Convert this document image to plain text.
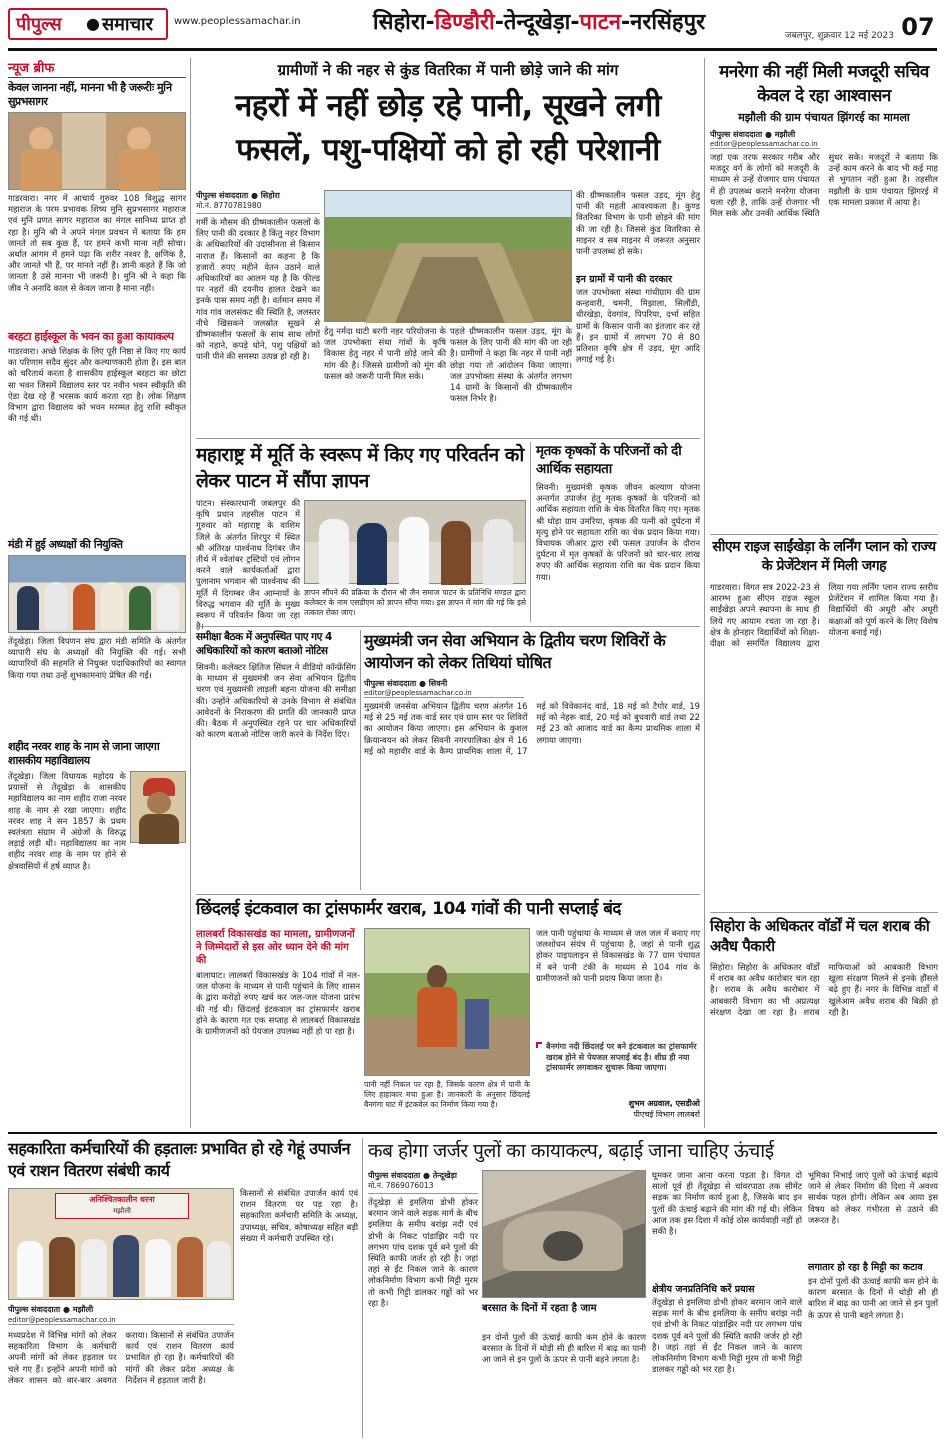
पीपुल्स ● समाचार www.peoplessamachar.in	सिहोरा-डिण्डौरी-तेन्दूखेड़ा-पाटन-नरसिंहपुर
जबलपुर, शुक्रवार 12 मई 2023 07
न्यूज ब्रीफ
केवल जानना नहीं, मानना भी है जरूरीः मुनि सुप्रभसागर
गाडरवारा। नगर में आचार्य गुरुवर 108 विशुद्ध सागर महाराज के परम प्रभावक शिष्य मुनि सुप्रभसागर महाराज एवं मुनि प्रणत सागर महाराज का मंगल सानिध्य प्राप्त हो रहा है। मुनि श्री ने अपने मंगल प्रवचन में बताया कि हम जानते तो सब कुछ हैं, पर हमने कभी माना नहीं सोचा। अर्थात आगम में हमने पढ़ा कि शरीर नश्वर है, क्षणिक है, और जानते भी हैं, पर मानते नहीं हैं। ज्ञानी कहते हैं कि जो जानता है उसे मानना भी जरूरी है। मुनि श्री ने कहा कि जीव ने अनादि काल से केवल जाना है माना नहीं।
बरहटा हाईस्कूल के भवन का हुआ कायाकल्प
गाडरवारा। अच्छे शिक्षक के लिए पूरी निष्ठा से किए गए कार्य का परिणाम सदैव सुंदर और कल्याणकारी होता है। इस बात को चरितार्थ करता है शासकीय हाईस्कूल बरहटा का छोटा सा भवन जिसमें विद्यालय स्तर पर नवीन भवन स्वीकृति की ऐडा देख रहे हैं भरसक कार्य करता रहा है। लोक शिक्षण विभाग द्वारा विद्यालय को भवन मरम्मत हेतु राशि स्वीकृत की गई थी।
मंडी में हुई अध्यक्षों की नियुक्ति
तेंदूखेड़ा। जिला विपणन संघ द्वारा मंडी समिति के अंतर्गत व्यापारी संघ के अध्यक्षों की नियुक्ति की गई। सभी व्यापारियों की सहमति से नियुक्त पदाधिकारियों का स्वागत किया गया तथा उन्हें शुभकामनाएं प्रेषित की गईं।
शहीद नरवर शाह के नाम से जाना जाएगा शासकीय महाविद्यालय
तेंदूखेड़ा। जिला विधायक महोदय के प्रयासों से तेंदूखेड़ा के शासकीय महाविद्यालय का नाम शहीद राजा नरवर शाह के नाम से रखा जाएगा। शहीद नरवर शाह ने सन 1857 के प्रथम स्वतंत्रता संग्राम में अंग्रेजों के विरुद्ध लड़ाई लड़ी थी। महाविद्यालय का नाम शहीद नरवर शाह के नाम पर होने से क्षेत्रवासियों में हर्ष व्याप्त है।
ग्रामीणों ने की नहर से कुंड वितरिका में पानी छोड़े जाने की मांग
नहरों में नहीं छोड़ रहे पानी, सूखने लगी फसलें, पशु-पक्षियों को हो रही परेशानी
पीपुल्स संवाददाता ● सिहोरा
मो.नं. 8770781980
गर्मी के मौसम की ग्रीष्मकालीन फसलों के लिए पानी की दरकार है किंतु नहर विभाग के अधिकारियों की उदासीनता से किसान नाराज हैं। किसानों का कहना है कि हजारों रुपए महीने वेतन उठाने वाले अधिकारियों का आलम यह है कि फील्ड पर नहरों की दयनीय हालत देखने का इनके पास समय नहीं है। वर्तमान समय में गांव गांव जलसंकट की स्थिति है, जलस्तर नीचे खिसकने जलस्रोत सूखने से ग्रीष्मकालीन फसलों के साथ साथ लोगों को नहाने, कपड़े धोने, पशु पक्षियों को पानी पीने की समस्या उत्पन्न हो रही है।
हेतु नर्मदा घाटी बरगी नहर परियोजना के जल उपभोक्ता संथा गांवों के कृषि विकास हेतु नहर में पानी छोड़े जाने की मांग की है। जिससे ग्रामीणों को मूंग की फसल को जरूरी पानी मिल सके।
पहले ग्रीष्मकालीन फसल उड़द, मूंग के फसल के लिए पानी की मांग की जा रही है। ग्रामीणों ने कहा कि नहर में पानी नहीं छोड़ा गया तो आंदोलन किया जाएगा। जल उपभोक्ता संस्था के अंतर्गत लगभग 14 ग्रामों के किसानों की ग्रीष्मकालीन फसल निर्भर है।
की ग्रीष्मकालीन फसल उड़द, मूंग हेतु पानी की महती आवश्यकता है। कुण्ड वितरिका विभाग के पानी छोड़ने की मांग की जा रही है। जिससे कुंड वितरिका से माइनर व सब माइनर में जरूरत अनुसार पानी उपलब्ध हो सके।
इन ग्रामों में पानी की दरकार
जल उपभोक्ता संस्था गांधीग्राम की ग्राम कन्हवारी, चमनी, मिझाला, सिलौंडी, धीरखेड़ा, देवगांव, पिपरिया, दर्भा सहित ग्रामों के किसान पानी का इंतजार कर रहे हैं। इन ग्रामों में लगभग 70 से 80 प्रतिशत कृषि क्षेत्र में उड़द, मूंग आदि लगाई गई है।
महाराष्ट्र में मूर्ति के स्वरूप में किए गए परिवर्तन को लेकर पाटन में सौंपा ज्ञापन
पाटन। संस्कारधानी जबलपुर की कृषि प्रधान तहसील पाटन में गुरुवार को महाराष्ट्र के वाशिम जिले के अंतर्गत शिरपुर में स्थित श्री अंतिरक्ष पार्श्वनाथ दिगंबर जैन तीर्थ में श्वेतांबर ट्रस्टियों एवं लोगन करने वाले कार्यकर्ताओं द्वारा पुलानाम भगवान श्री पार्श्वनाथ की मूर्ति में दिगम्बर जैन आम्नायों के विरुद्ध भगवान की मूर्ति के मुख्य स्वरूप में परिवर्तन किया जा रहा
ज्ञापन सौंपने की प्रक्रिया के दौरान श्री जैन समाज पाटन के प्रतिनिधि मण्डल द्वारा कलेक्टर के नाम एसडीएम को ज्ञापन सौंपा गया। इस ज्ञापन में मांग की गई कि इसे तत्काल रोका जाए।
मृतक कृषकों के परिजनों को दी आर्थिक सहायता
सिवनी। मुख्यमंत्री कृषक जीवन कल्याण योजना अन्तर्गत उपार्जन हेतु मृतक कृषकों के परिजनों को आर्थिक सहायता राशि के चेक वितरित किए गए। मृतक श्री घोड़ा ग्राम उमरिया, कृषक की पत्नी को दुर्घटना में मृत्यु होने पर सहायता राशि का चेक प्रदान किया गया। विधायक जीआर द्वारा रबी फसल उपार्जन के दौरान दुर्घटना में मृत कृषकों के परिजनों को चार-चार लाख रुपए की आर्थिक सहायता राशि का चेक प्रदान किया गया।
समीक्षा बैठक में अनुपस्थित पाए गए 4 अधिकारियों को कारण बताओ नोटिस
सिवनी। कलेक्टर क्षितिज सिंघल ने वीडियो कॉन्फ्रेंसिंग के माध्यम से मुख्यमंत्री जन सेवा अभियान द्वितीय चरण एवं मुख्यमंत्री लाड़ली बहना योजना की समीक्षा की। उन्होंने अधिकारियों से उनके विभाग से संबंधित आवेदनों के निराकरण की प्रगति की जानकारी प्राप्त की। बैठक में अनुपस्थित रहने पर चार अधिकारियों को कारण बताओ नोटिस जारी करने के निर्देश दिए।
मुख्यमंत्री जन सेवा अभियान के द्वितीय चरण शिविरों के आयोजन को लेकर तिथियां घोषित
पीपुल्स संवाददाता ● सिवनी
editor@peoplessamachar.co.in
मुख्यमंत्री जनसेवा अभियान द्वितीय चरण अंतर्गत 16 मई से 25 मई तक वार्ड स्तर एवं ग्राम स्तर पर शिविरों का आयोजन किया जाएगा। इस अभियान के कुशल क्रियान्वयन को लेकर सिवनी नगरपालिका क्षेत्र में 16 मई को महावीर वार्ड के कैम्प प्राथमिक शाला में, 17 मई को विवेकानंद वार्ड, 18 मई को टैगोर वार्ड, 19 मई को नेहरू वार्ड, 20 मई को बुधवारी वार्ड तथा 22 मई 23 को आजाद वार्ड का कैम्प प्राथमिक शाला में लगाया जाएगा।
छिंदलई इंटकवाल का ट्रांसफार्मर खराब, 104 गांवों की पानी सप्लाई बंद
लालबर्रा विकासखंड का मामला, ग्रामीणजनों ने जिम्मेदारों से इस ओर ध्यान देने की मांग की
बालाघाट। लालबर्रा विकासखंड के 104 गांवों में नल-जल योजना के माध्यम से पानी पहुंचाने के लिए शासन के द्वारा करोड़ों रुपए खर्च कर जल-जल योजना प्रारंभ की गई थी। छिंदलई इंटकवाल का ट्रांसफार्मर खराब होने के कारण गत एक सप्ताह से लालबर्रा विकासखंड के ग्रामीणजनों को पेयजल उपलब्ध नहीं हो पा रहा है।
पानी नहीं निकल पर रहा है, जिसके कारण क्षेत्र में पानी के लिए हाहाकार मचा हुआ है। जानकारी के अनुसार छिंदलई बैनगंगा घाट में इंटकवेल का निर्माण किया गया है।
जल पानी पहुंचाया के माध्यम से जल जल में बनाए गए जलशोधन संयंत्र में पहुंचाया है, जहां से पानी शुद्ध होकर पाइपलाइन से विकासखंड के 77 ग्राम पंचायत में बने पानी टंकी के माध्यम से 104 गांव के ग्रामीणजनों को पानी प्रदाय किया जाता है।
बैनगंगा नदी छिंदलई पर बने इंटकवाल का ट्रांसफार्मर खराब होने से पेयजल सप्लाई बंद है। शीघ्र ही नया ट्रांसफार्मर लगवाकर सुचारू किया जाएगा।
शुभम अग्रवाल, एसडीओ
पीएचई विभाग लालबर्रा
मनरेगा की नहीं मिली मजदूरी सचिव केवल दे रहा आश्वासन
मझौली की ग्राम पंचायत झिंगरई का मामला
पीपुल्स संवाददाता ● मझौली
editor@peoplessamachar.co.in
जहां एक तरफ सरकार गरीब और मजदूर वर्ग के लोगों को मजदूरी के माध्यम से उन्हें रोजगार ग्राम पंचायत में ही उपलब्ध कराने मनरेगा योजना चला रही है, ताकि उन्हें रोजगार भी मिल सके और उनकी आर्थिक स्थिति सुधर सके। मजदूरों ने बताया कि उन्हें काम करने के बाद भी कई माह से भुगतान नहीं हुआ है। तहसील मझौली के ग्राम पंचायत झिंगरई में एक मामला प्रकाश में आया है।
सीएम राइज साईंखेड़ा के लर्निंग प्लान को राज्य के प्रेजेंटेशन में मिली जगह
गाडरवारा। विगत सत्र 2022-23 से आरम्भ हुआ सीएम राइज स्कूल साईंखेड़ा अपने स्थापना के साथ ही लिये गए आयाम रचता जा रहा है। क्षेत्र के होनहार विद्यार्थियों को शिक्षा-दीक्षा को समर्पित विद्यालय द्वारा लिया गया लर्निंग प्लान राज्य स्तरीय प्रेजेंटेशन में शामिल किया गया है। विद्यार्थियों की अधूरी और अधूरी कक्षाओं को पूर्ण करने के लिए विशेष योजना बनाई गई।
सिहोरा के अधिकतर वॉर्डों में चल शराब की अवैध पैकारी
सिहोरा। सिहोरा के अधिकतर वॉर्डों में शराब का अवैध कारोबार चल रहा है। शराब के अवैध कारोबार में आबकारी विभाग का भी अप्रत्यक्ष संरक्षण देखा जा रहा है। शराब माफियाओं को आबकारी विभाग खुला संरक्षण मिलने से इनके हौंसले बढ़े हुए हैं। नगर के विभिन्न वार्डों में खुलेआम अवैध शराब की बिक्री हो रही है।
सहकारिता कर्मचारियों की हड़तालः प्रभावित हो रहे गेहूं उपार्जन एवं राशन वितरण संबंधी कार्य
अनिश्चितकालीन धरना
मझौली
पीपुल्स संवाददाता ● मझौली
editor@peoplessamachar.co.in
मध्यप्रदेश में विभिन्न मांगों को लेकर सहकारिता विभाग के कर्मचारी अपनी मांगों को लेकर हड़ताल पर चले गए हैं। इन्होंने अपनी मांगों को लेकर शासन को बार-बार अवगत कराया। किसानों से संबंधित उपार्जन कार्य एवं राशन वितरण कार्य प्रभावित हो रहा है। कर्मचारियों की मांगों की लेकर प्रदेश अध्यक्ष के निर्देशन में हड़ताल जारी है।
किसानों से संबंधित उपार्जन कार्य एवं राशन वितरण पर पड़ रहा है। सहकारिता कर्मचारी समिति के अध्यक्ष, उपाध्यक्ष, सचिव, कोषाध्यक्ष सहित बड़ी संख्या में कर्मचारी उपस्थित रहे।
कब होगा जर्जर पुलों का कायाकल्प, बढ़ाई जाना चाहिए ऊंचाई
पीपुल्स संवाददाता ● तेन्दूखेड़ा
मो.नं. 7869076013
तेंदूखेड़ा से इमलिया डोभी होकर बरमान जाने वाले सड़क मार्ग के बीच इमलिया के समीप बरांझ नदी एवं डोभी के निकट पांडाझिर नदी पर लगभग पांच दशक पूर्व बने पुलों की स्थिति काफी जर्जर हो रही है। जहां तहां से ईंट निकल जाने के कारण लोकनिर्माण विभाग कभी मिट्टी मुरम तो कभी गिट्टी डालकर गड्ढों को भर रहा है।
बरसात के दिनों में रहता है जाम
इन दोनों पुलों की ऊंचाई काफी कम होने के कारण बरसात के दिनों में थोड़ी सी ही बारिश में बाढ़ का पानी आ जाने से इन पुलों के ऊपर से पानी बहने लगता है।
घूमकर जाना आना करना पड़ता है। विगत दो सालों पूर्व ही तेंदूखेड़ा से चांवरपाठा तक सीमेंट सड़क का निर्माण कार्य हुआ है, जिसके बाद इन पुलों की ऊंचाई बढ़ाने की मांग की गई थी। लेकिन आज तक इस दिशा में कोई ठोस कार्यवाही नहीं हो सकी है।
क्षेत्रीय जनप्रतिनिधि करें प्रयास
तेंदूखेड़ा से इमलिया डोभी होकर बरमान जाने वाले सड़क मार्ग के बीच इमलिया के समीप बरांझ नदी एवं डोभी के निकट पांडाझिर नदी पर लगभग पांच दशक पूर्व बने पुलों की स्थिति काफी जर्जर हो रही है। जहां तहां से ईंट निकल जाने के कारण लोकनिर्माण विभाग कभी मिट्टी मुरम तो कभी गिट्टी डालकर गड्ढों को भर रहा है।
भूमिका निभाई जाएं पुलों को ऊंचाई बढ़ाये जाने से लेकर निर्माण की दिशा में अवश्य सार्थक पहल होगी। लेकिन अब आया इस विषय को लेकर गंभीरता से उठाने की जरूरत है।
लगातार हो रहा है मिट्टी का कटाव
इन दोनों पुलों की ऊंचाई काफी कम होने के कारण बरसात के दिनों में थोड़ी सी ही बारिश में बाढ़ का पानी आ जाने से इन पुलों के ऊपर से पानी बहने लगता है।
